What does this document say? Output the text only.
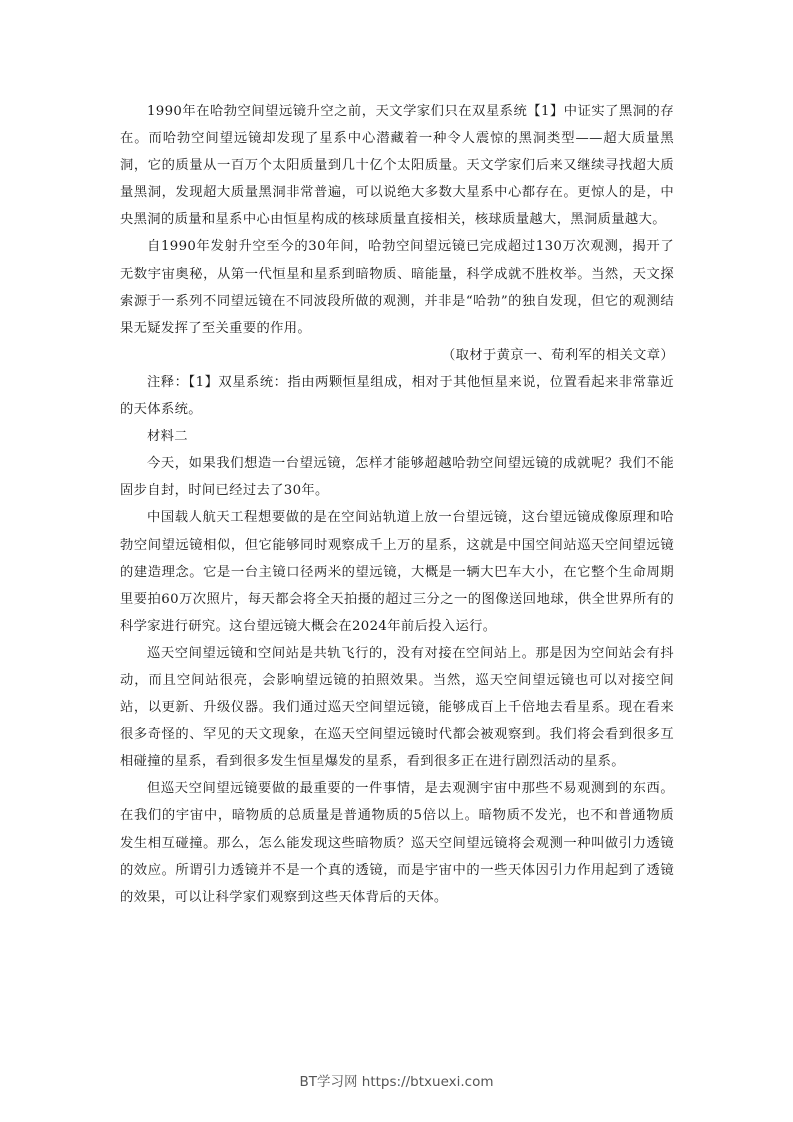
1990年在哈勃空间望远镜升空之前，天文学家们只在双星系统【1】中证实了黑洞的存在。而哈勃空间望远镜却发现了星系中心潜藏着一种令人震惊的黑洞类型——超大质量黑洞，它的质量从一百万个太阳质量到几十亿个太阳质量。天文学家们后来又继续寻找超大质量黑洞，发现超大质量黑洞非常普遍，可以说绝大多数大星系中心都存在。更惊人的是，中央黑洞的质量和星系中心由恒星构成的核球质量直接相关，核球质量越大，黑洞质量越大。

自1990年发射升空至今的30年间，哈勃空间望远镜已完成超过130万次观测，揭开了无数宇宙奥秘，从第一代恒星和星系到暗物质、暗能量，科学成就不胜枚举。当然，天文探索源于一系列不同望远镜在不同波段所做的观测，并非是“哈勃”的独自发现，但它的观测结果无疑发挥了至关重要的作用。

（取材于黄京一、荀利军的相关文章）

注释：【1】双星系统：指由两颗恒星组成，相对于其他恒星来说，位置看起来非常靠近的天体系统。

材料二

今天，如果我们想造一台望远镜，怎样才能够超越哈勃空间望远镜的成就呢？我们不能固步自封，时间已经过去了30年。

中国载人航天工程想要做的是在空间站轨道上放一台望远镜，这台望远镜成像原理和哈勃空间望远镜相似，但它能够同时观察成千上万的星系，这就是中国空间站巡天空间望远镜的建造理念。它是一台主镜口径两米的望远镜，大概是一辆大巴车大小，在它整个生命周期里要拍60万次照片，每天都会将全天拍摄的超过三分之一的图像送回地球，供全世界所有的科学家进行研究。这台望远镜大概会在2024年前后投入运行。

巡天空间望远镜和空间站是共轨飞行的，没有对接在空间站上。那是因为空间站会有抖动，而且空间站很亮，会影响望远镜的拍照效果。当然，巡天空间望远镜也可以对接空间站，以更新、升级仪器。我们通过巡天空间望远镜，能够成百上千倍地去看星系。现在看来很多奇怪的、罕见的天文现象，在巡天空间望远镜时代都会被观察到。我们将会看到很多互相碰撞的星系，看到很多发生恒星爆发的星系，看到很多正在进行剧烈活动的星系。

但巡天空间望远镜要做的最重要的一件事情，是去观测宇宙中那些不易观测到的东西。在我们的宇宙中，暗物质的总质量是普通物质的5倍以上。暗物质不发光，也不和普通物质发生相互碰撞。那么，怎么能发现这些暗物质？巡天空间望远镜将会观测一种叫做引力透镜的效应。所谓引力透镜并不是一个真的透镜，而是宇宙中的一些天体因引力作用起到了透镜的效果，可以让科学家们观察到这些天体背后的天体。

BT学习网 https://btxuexi.com
